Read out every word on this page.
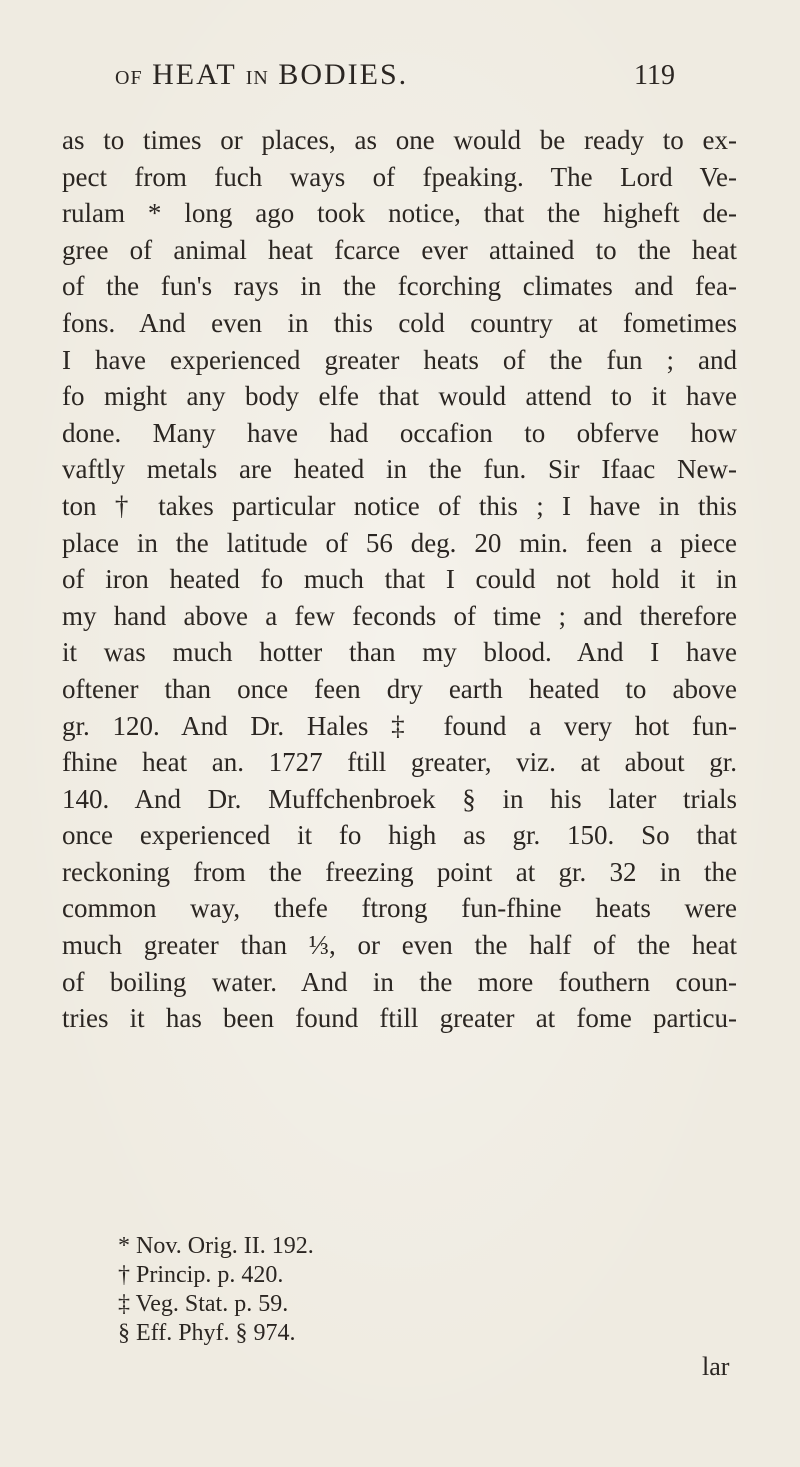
OF HEAT IN BODIES.	119
as to times or places, as one would be ready to ex-
pect from fuch ways of fpeaking. The Lord Ve-
rulam * long ago took notice, that the higheft de-
gree of animal heat fcarce ever attained to the heat
of the fun's rays in the fcorching climates and fea-
fons. And even in this cold country at fometimes
I have experienced greater heats of the fun ; and
fo might any body elfe that would attend to it have
done. Many have had occafion to obferve how
vaftly metals are heated in the fun. Sir Ifaac New-
ton † takes particular notice of this ; I have in this
place in the latitude of 56 deg. 20 min. feen a piece
of iron heated fo much that I could not hold it in
my hand above a few feconds of time ; and therefore
it was much hotter than my blood. And I have
oftener than once feen dry earth heated to above
gr. 120. And Dr. Hales ‡ found a very hot fun-
fhine heat an. 1727 ftill greater, viz. at about gr.
140. And Dr. Muffchenbroek § in his later trials
once experienced it fo high as gr. 150. So that
reckoning from the freezing point at gr. 32 in the
common way, thefe ftrong fun-fhine heats were
much greater than ⅓, or even the half of the heat
of boiling water. And in the more fouthern coun-
tries it has been found ftill greater at fome particu-
* Nov. Orig. II. 192.
† Princip. p. 420.
‡ Veg. Stat. p. 59.
§ Eff. Phyf. § 974.
lar
